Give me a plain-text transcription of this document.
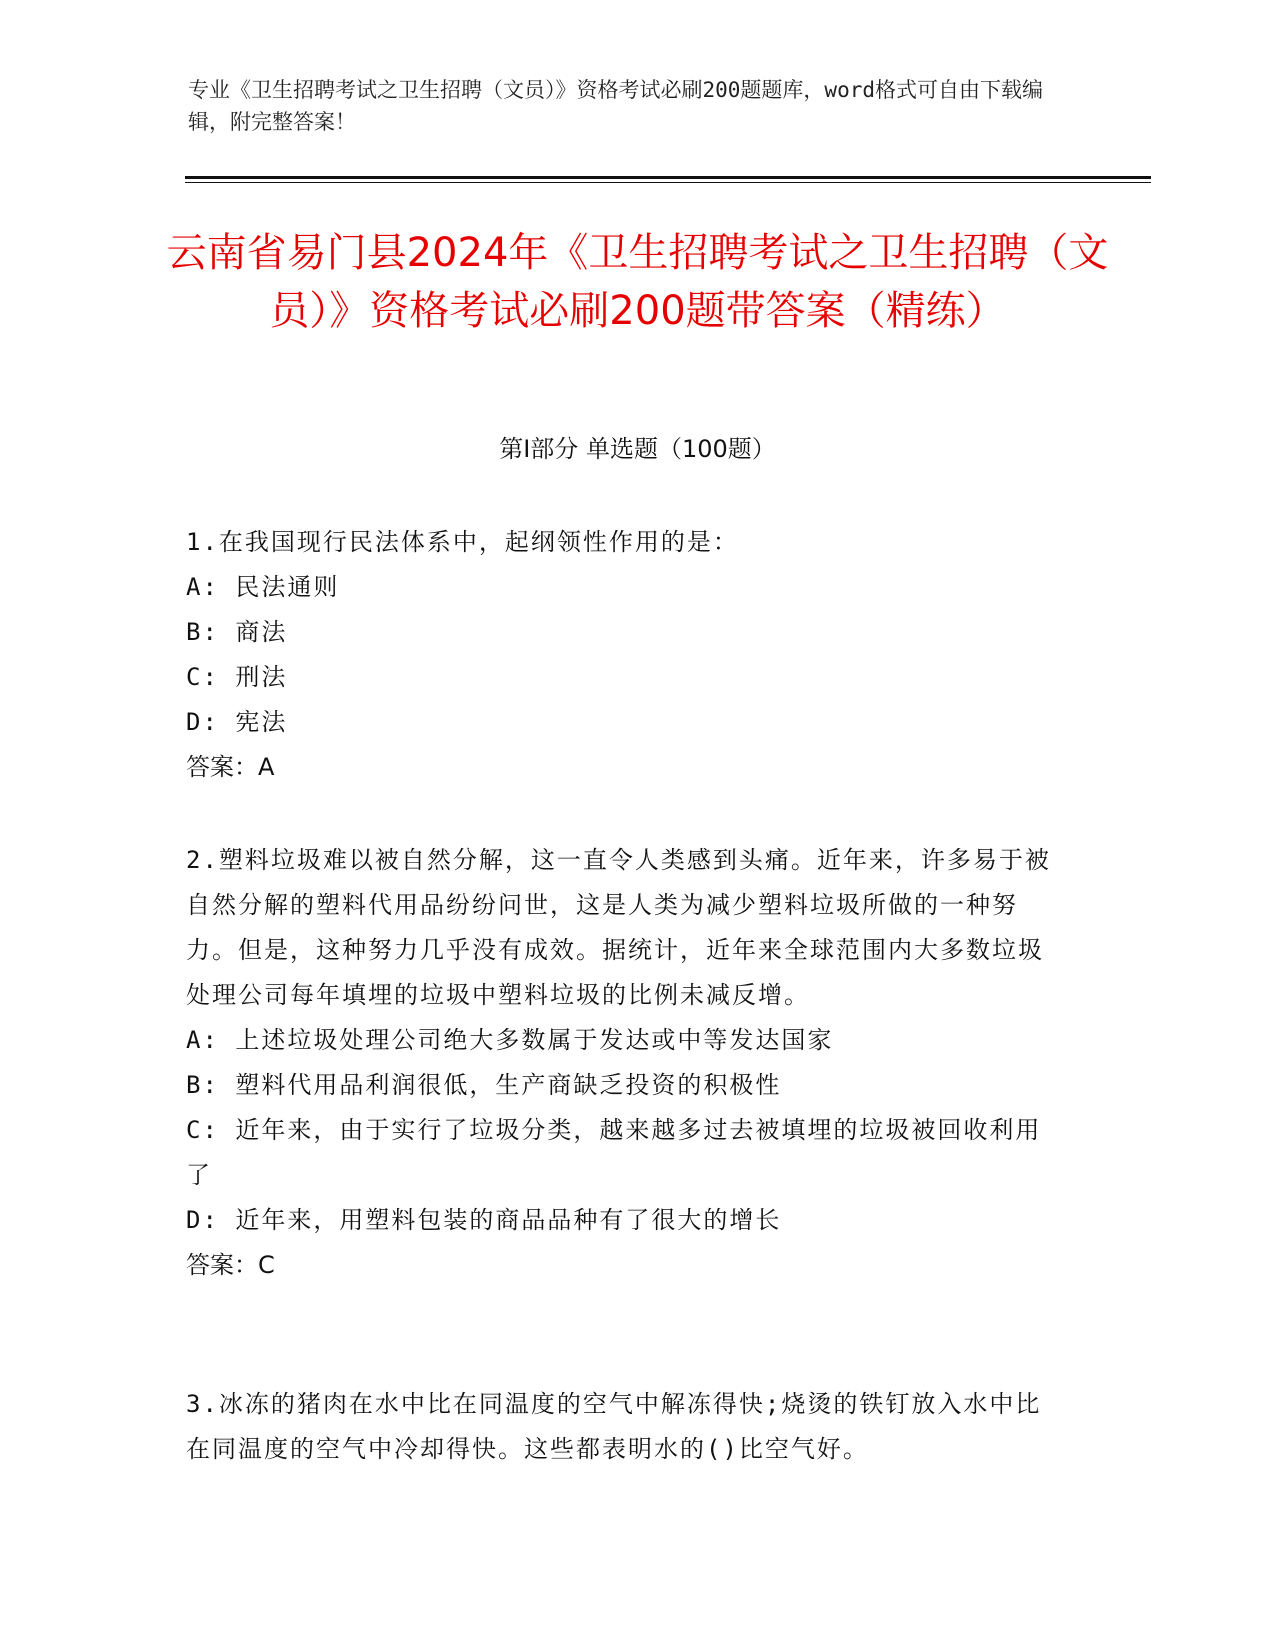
专业《卫生招聘考试之卫生招聘（文员）》资格考试必刷200题题库，word格式可自由下载编辑，附完整答案！
云南省易门县2024年《卫生招聘考试之卫生招聘（文员）》资格考试必刷200题带答案（精练）
第I部分 单选题（100题）

1.在我国现行民法体系中，起纲领性作用的是：

A: 民法通则

B: 商法

C: 刑法

D: 宪法

答案：A

2.塑料垃圾难以被自然分解，这一直令人类感到头痛。近年来，许多易于被自然分解的塑料代用品纷纷问世，这是人类为减少塑料垃圾所做的一种努力。但是，这种努力几乎没有成效。据统计，近年来全球范围内大多数垃圾处理公司每年填埋的垃圾中塑料垃圾的比例未减反增。

A: 上述垃圾处理公司绝大多数属于发达或中等发达国家

B: 塑料代用品利润很低，生产商缺乏投资的积极性

C: 近年来，由于实行了垃圾分类，越来越多过去被填埋的垃圾被回收利用了

D: 近年来，用塑料包装的商品品种有了很大的增长

答案：C

3.冰冻的猪肉在水中比在同温度的空气中解冻得快;烧烫的铁钉放入水中比在同温度的空气中冷却得快。这些都表明水的()比空气好。
